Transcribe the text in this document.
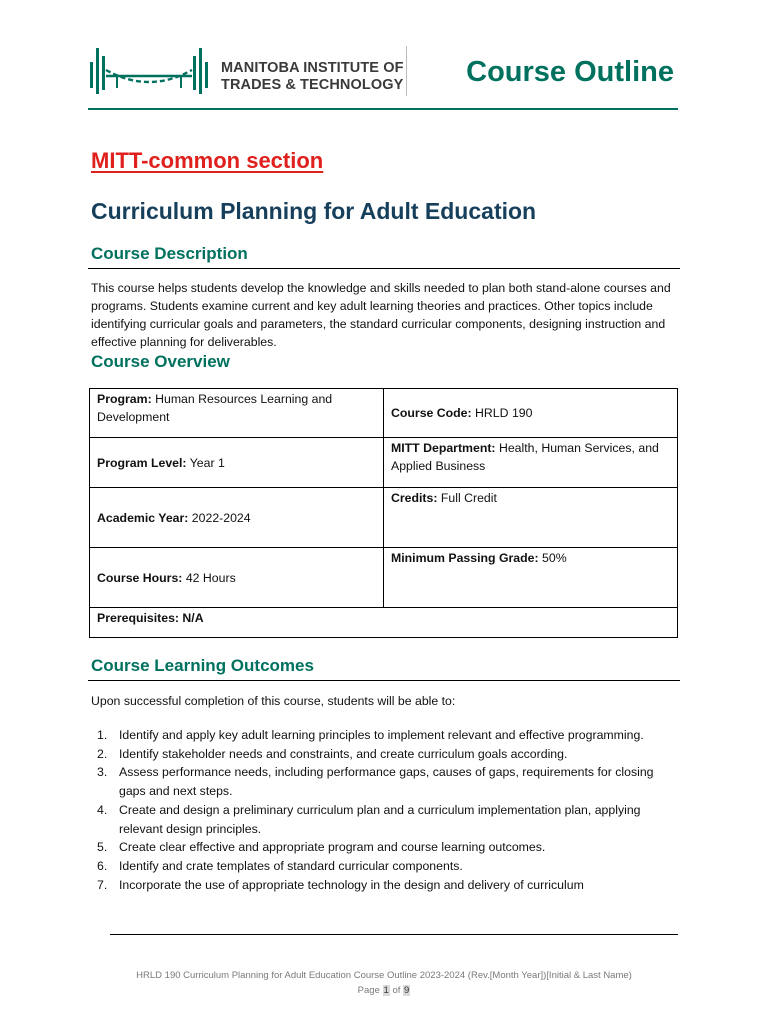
MANITOBA INSTITUTE OF
TRADES & TECHNOLOGY Course Outline
MITT-common section
Curriculum Planning for Adult Education
Course Description
This course helps students develop the knowledge and skills needed to plan both stand-alone courses and programs. Students examine current and key adult learning theories and practices. Other topics include identifying curricular goals and parameters, the standard curricular components, designing instruction and effective planning for deliverables.
Course Overview
Program: Human Resources Learning and Development	Course Code: HRLD 190
Program Level: Year 1	MITT Department: Health, Human Services, and Applied Business
Academic Year: 2022-2024	Credits: Full Credit
Course Hours: 42 Hours	Minimum Passing Grade: 50%
Prerequisites: N/A	
Course Learning Outcomes
Upon successful completion of this course, students will be able to:
1. Identify and apply key adult learning principles to implement relevant and effective programming.
2. Identify stakeholder needs and constraints, and create curriculum goals according.
3. Assess performance needs, including performance gaps, causes of gaps, requirements for closing gaps and next steps.
4. Create and design a preliminary curriculum plan and a curriculum implementation plan, applying relevant design principles.
5. Create clear effective and appropriate program and course learning outcomes.
6. Identify and crate templates of standard curricular components.
7. Incorporate the use of appropriate technology in the design and delivery of curriculum
HRLD 190 Curriculum Planning for Adult Education Course Outline 2023-2024 (Rev.[Month Year])[Initial & Last Name)
Page 1 of 9
